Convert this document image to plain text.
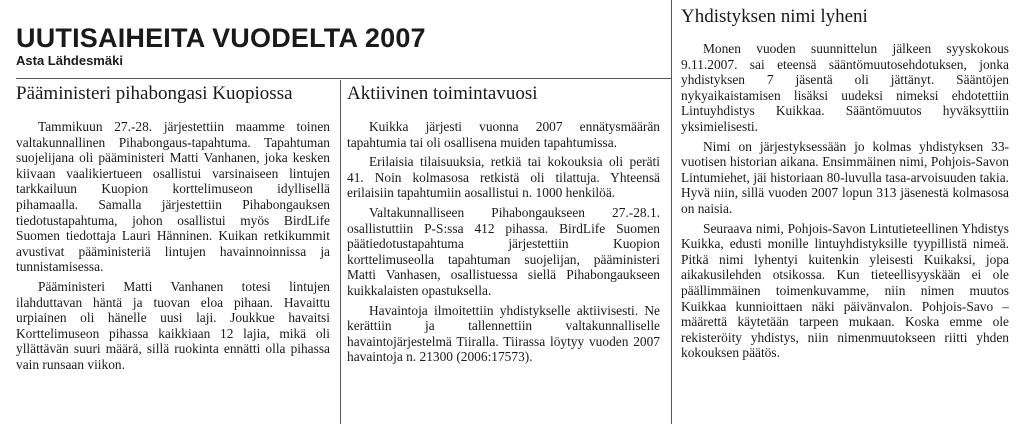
UUTISAIHEITA VUODELTA 2007
Asta Lähdesmäki
Pääministeri pihabongasi Kuopiossa

Tammikuun 27.-28. järjestettiin maamme toinen valtakunnallinen Pihabongaus-tapahtuma. Tapahtuman suojelijana oli pääministeri Matti Vanhanen, joka kesken kiivaan vaalikiertueen osallistui varsinaiseen lintujen tarkkailuun Kuopion korttelimuseon idyllisellä pihamaalla. Samalla järjestettiin Pihabongauksen tiedotustapahtuma, johon osallistui myös BirdLife Suomen tiedottaja Lauri Hänninen. Kuikan retkikummit avustivat pääministeriä lintujen havainnoinnissa ja tunnistamisessa.

Pääministeri Matti Vanhanen totesi lintujen ilahduttavan häntä ja tuovan eloa pihaan. Havaittu urpiainen oli hänelle uusi laji. Joukkue havaitsi Korttelimuseon pihassa kaikkiaan 12 lajia, mikä oli yllättävän suuri määrä, sillä ruokinta ennätti olla pihassa vain runsaan viikon.

Aktiivinen toimintavuosi

Kuikka järjesti vuonna 2007 ennätysmäärän tapahtumia tai oli osallisena muiden tapahtumissa.

Erilaisia tilaisuuksia, retkiä tai kokouksia oli peräti 41. Noin kolmasosa retkistä oli tilattuja. Yhteensä erilaisiin tapahtumiin aosallistui n. 1000 henkilöä.

Valtakunnalliseen Pihabongaukseen 27.-28.1. osallistuttiin P-S:ssa 412 pihassa. BirdLife Suomen päätiedotustapahtuma järjestettiin Kuopion korttelimuseolla tapahtuman suojelijan, pääministeri Matti Vanhasen, osallistuessa siellä Pihabongaukseen kuikkalaisten opastuksella.

Havaintoja ilmoitettiin yhdistykselle aktiivisesti. Ne kerättiin ja tallennettiin valtakunnalliselle havaintojärjestelmä Tiiralla. Tiirassa löytyy vuoden 2007 havaintoja n. 21300 (2006:17573).

Yhdistyksen nimi lyheni

Monen vuoden suunnittelun jälkeen syyskokous 9.11.2007. sai eteensä sääntömuutosehdotuksen, jonka yhdistyksen 7 jäsentä oli jättänyt. Sääntöjen nykyaikaistamisen lisäksi uudeksi nimeksi ehdotettiin Lintuyhdistys Kuikkaa. Sääntömuutos hyväksyttiin yksimielisesti.

Nimi on järjestyksessään jo kolmas yhdistyksen 33-vuotisen historian aikana. Ensimmäinen nimi, Pohjois-Savon Lintumiehet, jäi historiaan 80-luvulla tasa-arvoisuuden takia. Hyvä niin, sillä vuoden 2007 lopun 313 jäsenestä kolmasosa on naisia.

Seuraava nimi, Pohjois-Savon Lintutieteellinen Yhdistys Kuikka, edusti monille lintuyhdistyksille tyypillistä nimeä. Pitkä nimi lyhentyi kuitenkin yleisesti Kuikaksi, jopa aikakusilehden otsikossa. Kun tieteellisyyskään ei ole päällimmäinen toimenkuvamme, niin nimen muutos Kuikkaa kunnioittaen näki päivänvalon. Pohjois-Savo –määrettä käytetään tarpeen mukaan. Koska emme ole rekisteröity yhdistys, niin nimenmuutokseen riitti yhden kokouksen päätös.
